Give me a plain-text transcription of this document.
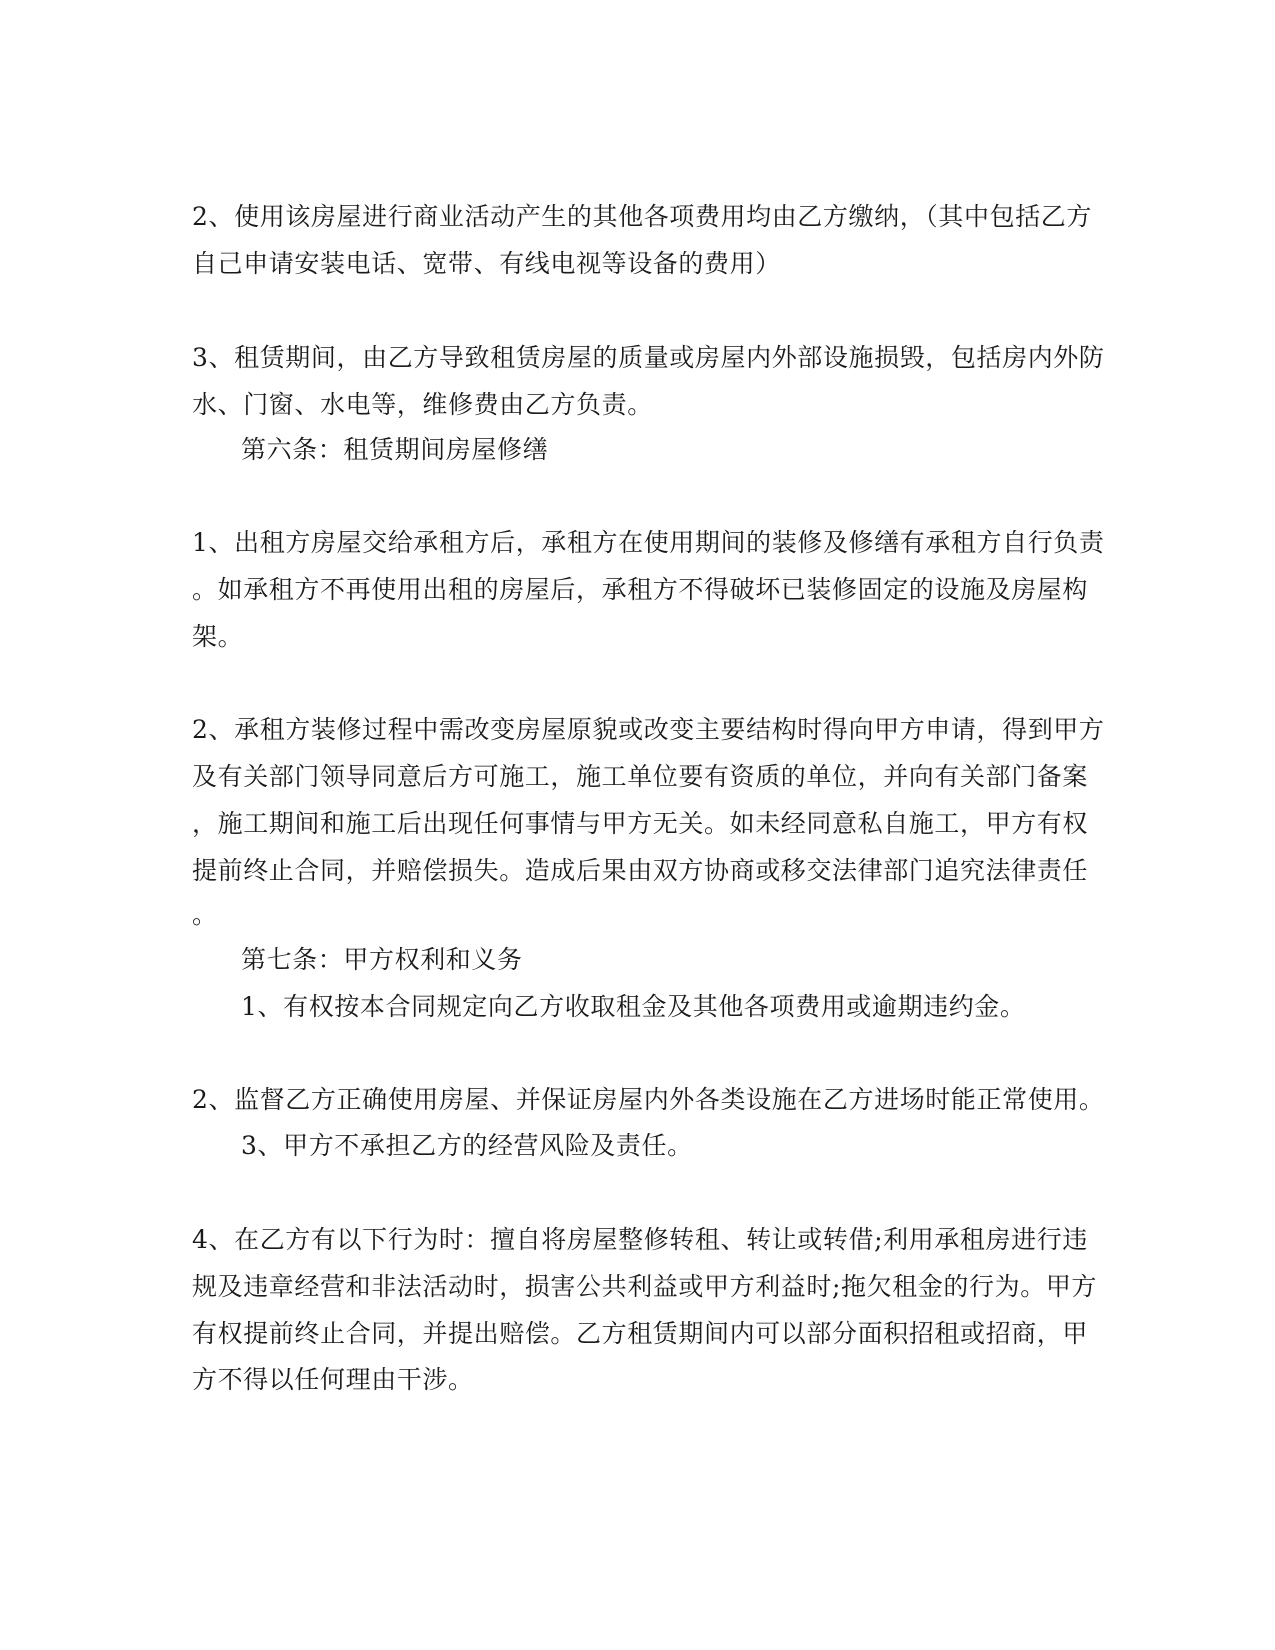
2、使用该房屋进行商业活动产生的其他各项费用均由乙方缴纳，（其中包括乙方
自己申请安装电话、宽带、有线电视等设备的费用）
3、租赁期间，由乙方导致租赁房屋的质量或房屋内外部设施损毁，包括房内外防
水、门窗、水电等，维修费由乙方负责。
第六条：租赁期间房屋修缮
1、出租方房屋交给承租方后，承租方在使用期间的装修及修缮有承租方自行负责
。如承租方不再使用出租的房屋后，承租方不得破坏已装修固定的设施及房屋构
架。
2、承租方装修过程中需改变房屋原貌或改变主要结构时得向甲方申请，得到甲方
及有关部门领导同意后方可施工，施工单位要有资质的单位，并向有关部门备案
，施工期间和施工后出现任何事情与甲方无关。如未经同意私自施工，甲方有权
提前终止合同，并赔偿损失。造成后果由双方协商或移交法律部门追究法律责任
。
第七条：甲方权利和义务
1、有权按本合同规定向乙方收取租金及其他各项费用或逾期违约金。
2、监督乙方正确使用房屋、并保证房屋内外各类设施在乙方进场时能正常使用。
3、甲方不承担乙方的经营风险及责任。
4、在乙方有以下行为时：擅自将房屋整修转租、转让或转借;利用承租房进行违
规及违章经营和非法活动时，损害公共利益或甲方利益时;拖欠租金的行为。甲方
有权提前终止合同，并提出赔偿。乙方租赁期间内可以部分面积招租或招商，甲
方不得以任何理由干涉。
